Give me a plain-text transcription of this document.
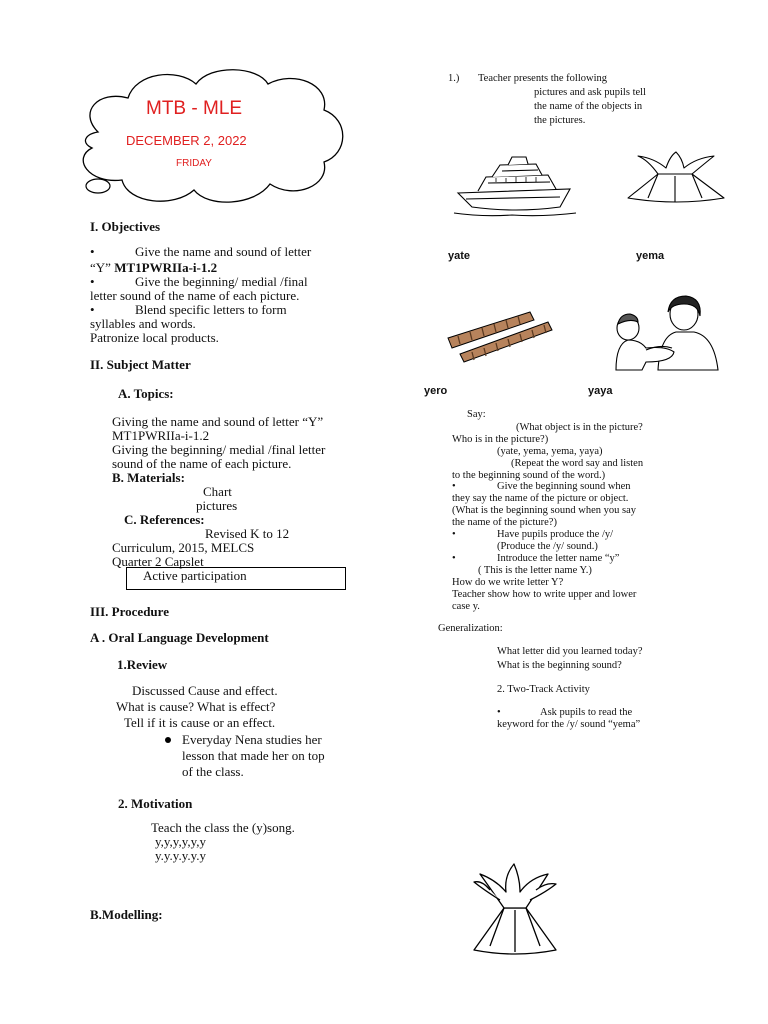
MTB - MLE
DECEMBER 2, 2022
FRIDAY
I. Objectives
•	Give the name and sound of letter
“Y” MT1PWRIIa-i-1.2
•	Give the beginning/ medial /final
letter sound of the name of each picture.
•	Blend specific letters to form
syllables and words.
Patronize local products.
II. Subject Matter
A. Topics:
Giving the name and sound of letter “Y”
MT1PWRIIa-i-1.2
Giving the beginning/ medial /final letter
sound of the name of each picture.
B. Materials:
Chart
pictures
C. References:
Revised K to 12
Curriculum, 2015, MELCS
Quarter 2 Capslet
Active participation
III. Procedure
A . Oral Language Development
1.Review
Discussed Cause and effect.
What is cause? What is effect?
Tell if it is cause or an effect.
Everyday Nena studies her
lesson that made her on top
of the class.
2. Motivation
Teach the class the (y)song.
y,y,y,y,y,y
y.y.y.y.y.y
B.Modelling:
1.) Teacher presents the following
pictures and ask pupils tell
the name of the objects in
the pictures.
yate	yema
yero	yaya
Say:
(What object is in the picture?
Who is in the picture?)
(yate, yema, yema, yaya)
(Repeat the word say and listen
to the beginning sound of the word.)
•	Give the beginning sound when
they say the name of the picture or object.
(What is the beginning sound when you say
the name of the picture?)
•	Have pupils produce the /y/
(Produce the /y/ sound.)
•	Introduce the letter name “y”
( This is the letter name Y.)
How do we write letter Y?
Teacher show how to write upper and lower
case y.
Generalization:
What letter did you learned today?
What is the beginning sound?
2. Two-Track Activity
•	Ask pupils to read the
keyword for the /y/ sound “yema”
